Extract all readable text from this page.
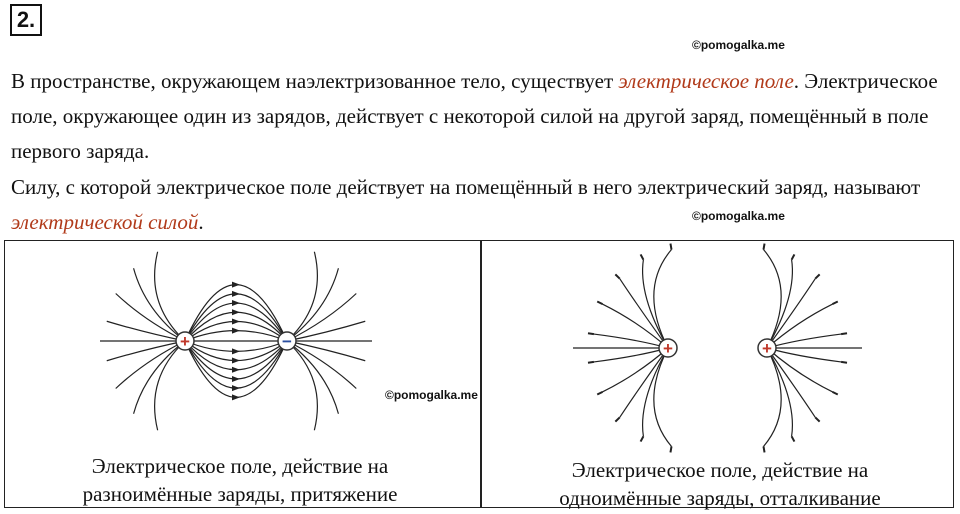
2.
©pomogalka.me
©pomogalka.me

В пространстве, окружающем наэлектризованное тело, существует электрическое поле. Электрическое поле, окружающее один из зарядов, действует с некоторой силой на другой заряд, помещённый в поле первого заряда.

Силу, с которой электрическое поле действует на помещённый в него электрический заряд, называют электрической силой.

+	−
©pomogalka.me
+	+
Электрическое поле, действие на
разноимённые заряды, притяжение
Электрическое поле, действие на
одноимённые заряды, отталкивание
